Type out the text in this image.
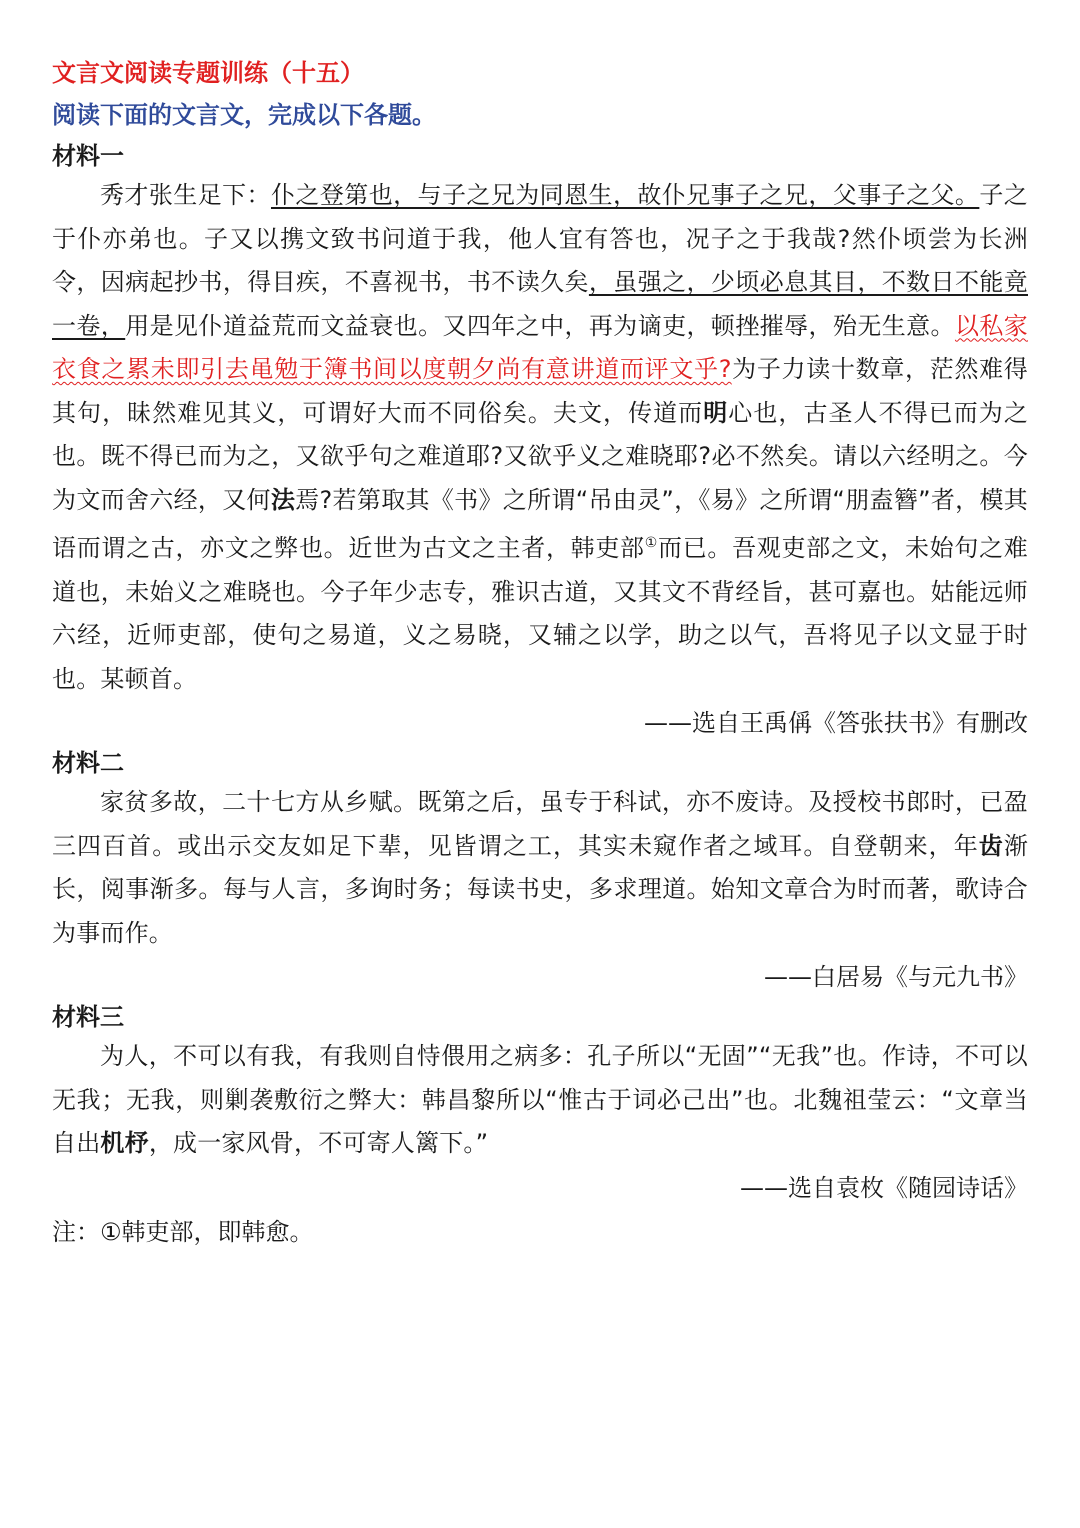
文言文阅读专题训练（十五）
阅读下面的文言文，完成以下各题。
材料一

秀才张生足下：仆之登第也，与子之兄为同恩生，故仆兄事子之兄，父事子之父。子之于仆亦弟也。子又以携文致书问道于我，他人宜有答也，况子之于我哉?然仆顷尝为长洲令，因病起抄书，得目疾，不喜视书，书不读久矣，虽强之，少顷必息其目，不数日不能竟一卷，用是见仆道益荒而文益衰也。又四年之中，再为谪吏，顿挫摧辱，殆无生意。以私家衣食之累未即引去黾勉于簿书间以度朝夕尚有意讲道而评文乎?为子力读十数章，茫然难得其句，昧然难见其义，可谓好大而不同俗矣。夫文，传道而明心也，古圣人不得已而为之也。既不得已而为之，又欲乎句之难道耶?又欲乎义之难晓耶?必不然矣。请以六经明之。今为文而舍六经，又何法焉?若第取其《书》之所谓“吊由灵”，《易》之所谓“朋盍簪”者，模其语而谓之古，亦文之弊也。近世为古文之主者，韩吏部①而已。吾观吏部之文，未始句之难道也，未始义之难晓也。今子年少志专，雅识古道，又其文不背经旨，甚可嘉也。姑能远师六经，近师吏部，使句之易道，义之易晓，又辅之以学，助之以气，吾将见子以文显于时也。某顿首。

——选自王禹偁《答张扶书》有删改

材料二

家贫多故，二十七方从乡赋。既第之后，虽专于科试，亦不废诗。及授校书郎时，已盈三四百首。或出示交友如足下辈，见皆谓之工，其实未窥作者之域耳。自登朝来，年齿渐长，阅事渐多。每与人言，多询时务；每读书史，多求理道。始知文章合为时而著，歌诗合为事而作。

——白居易《与元九书》

材料三

为人，不可以有我，有我则自恃偎用之病多：孔子所以“无固”“无我”也。作诗，不可以无我；无我，则剿袭敷衍之弊大：韩昌黎所以“惟古于词必己出”也。北魏祖莹云：“文章当自出机杼，成一家风骨，不可寄人篱下。”

——选自袁枚《随园诗话》

注：①韩吏部，即韩愈。
